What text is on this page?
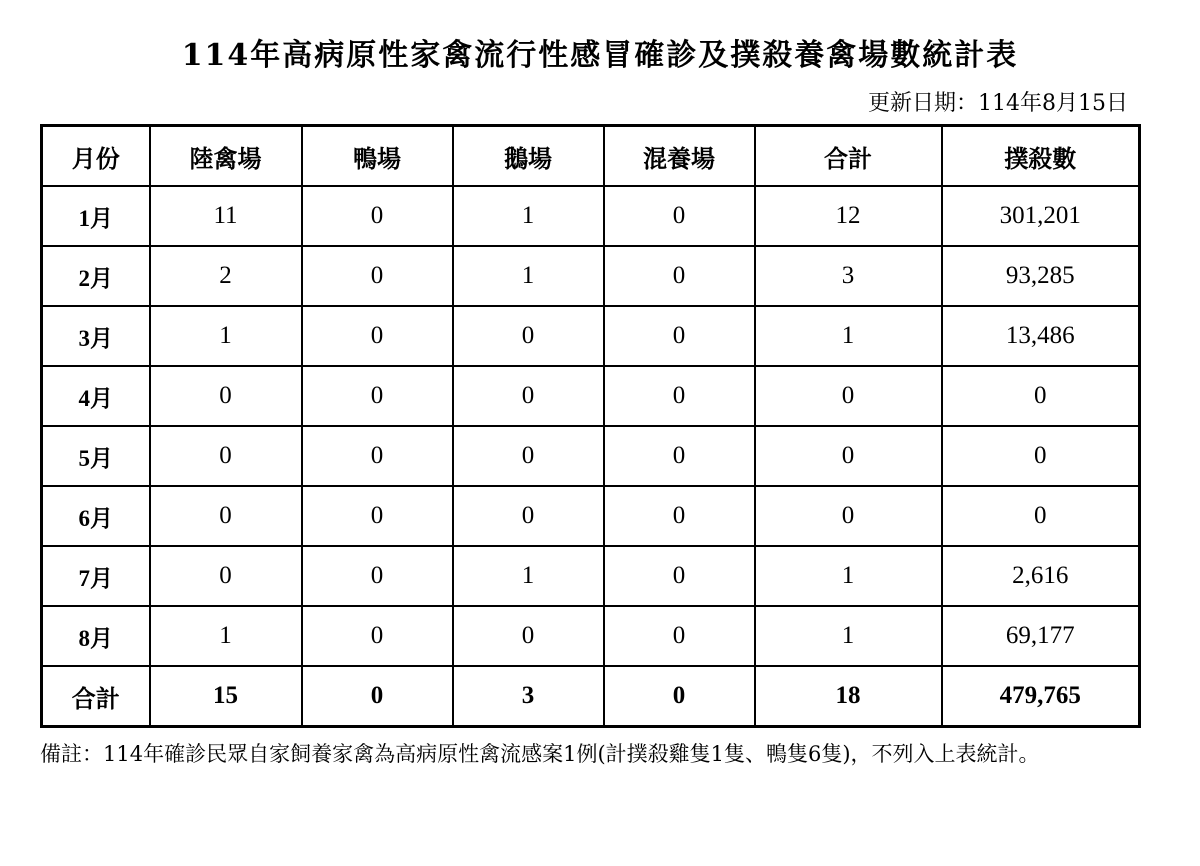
114年高病原性家禽流行性感冒確診及撲殺養禽場數統計表
更新日期：114年8月15日
月份	陸禽場	鴨場	鵝場	混養場	合計	撲殺數
1月	11	0	1	0	12	301,201
2月	2	0	1	0	3	93,285
3月	1	0	0	0	1	13,486
4月	0	0	0	0	0	0
5月	0	0	0	0	0	0
6月	0	0	0	0	0	0
7月	0	0	1	0	1	2,616
8月	1	0	0	0	1	69,177
合計	15	0	3	0	18	479,765
備註：114年確診民眾自家飼養家禽為高病原性禽流感案1例(計撲殺雞隻1隻、鴨隻6隻)，不列入上表統計。
